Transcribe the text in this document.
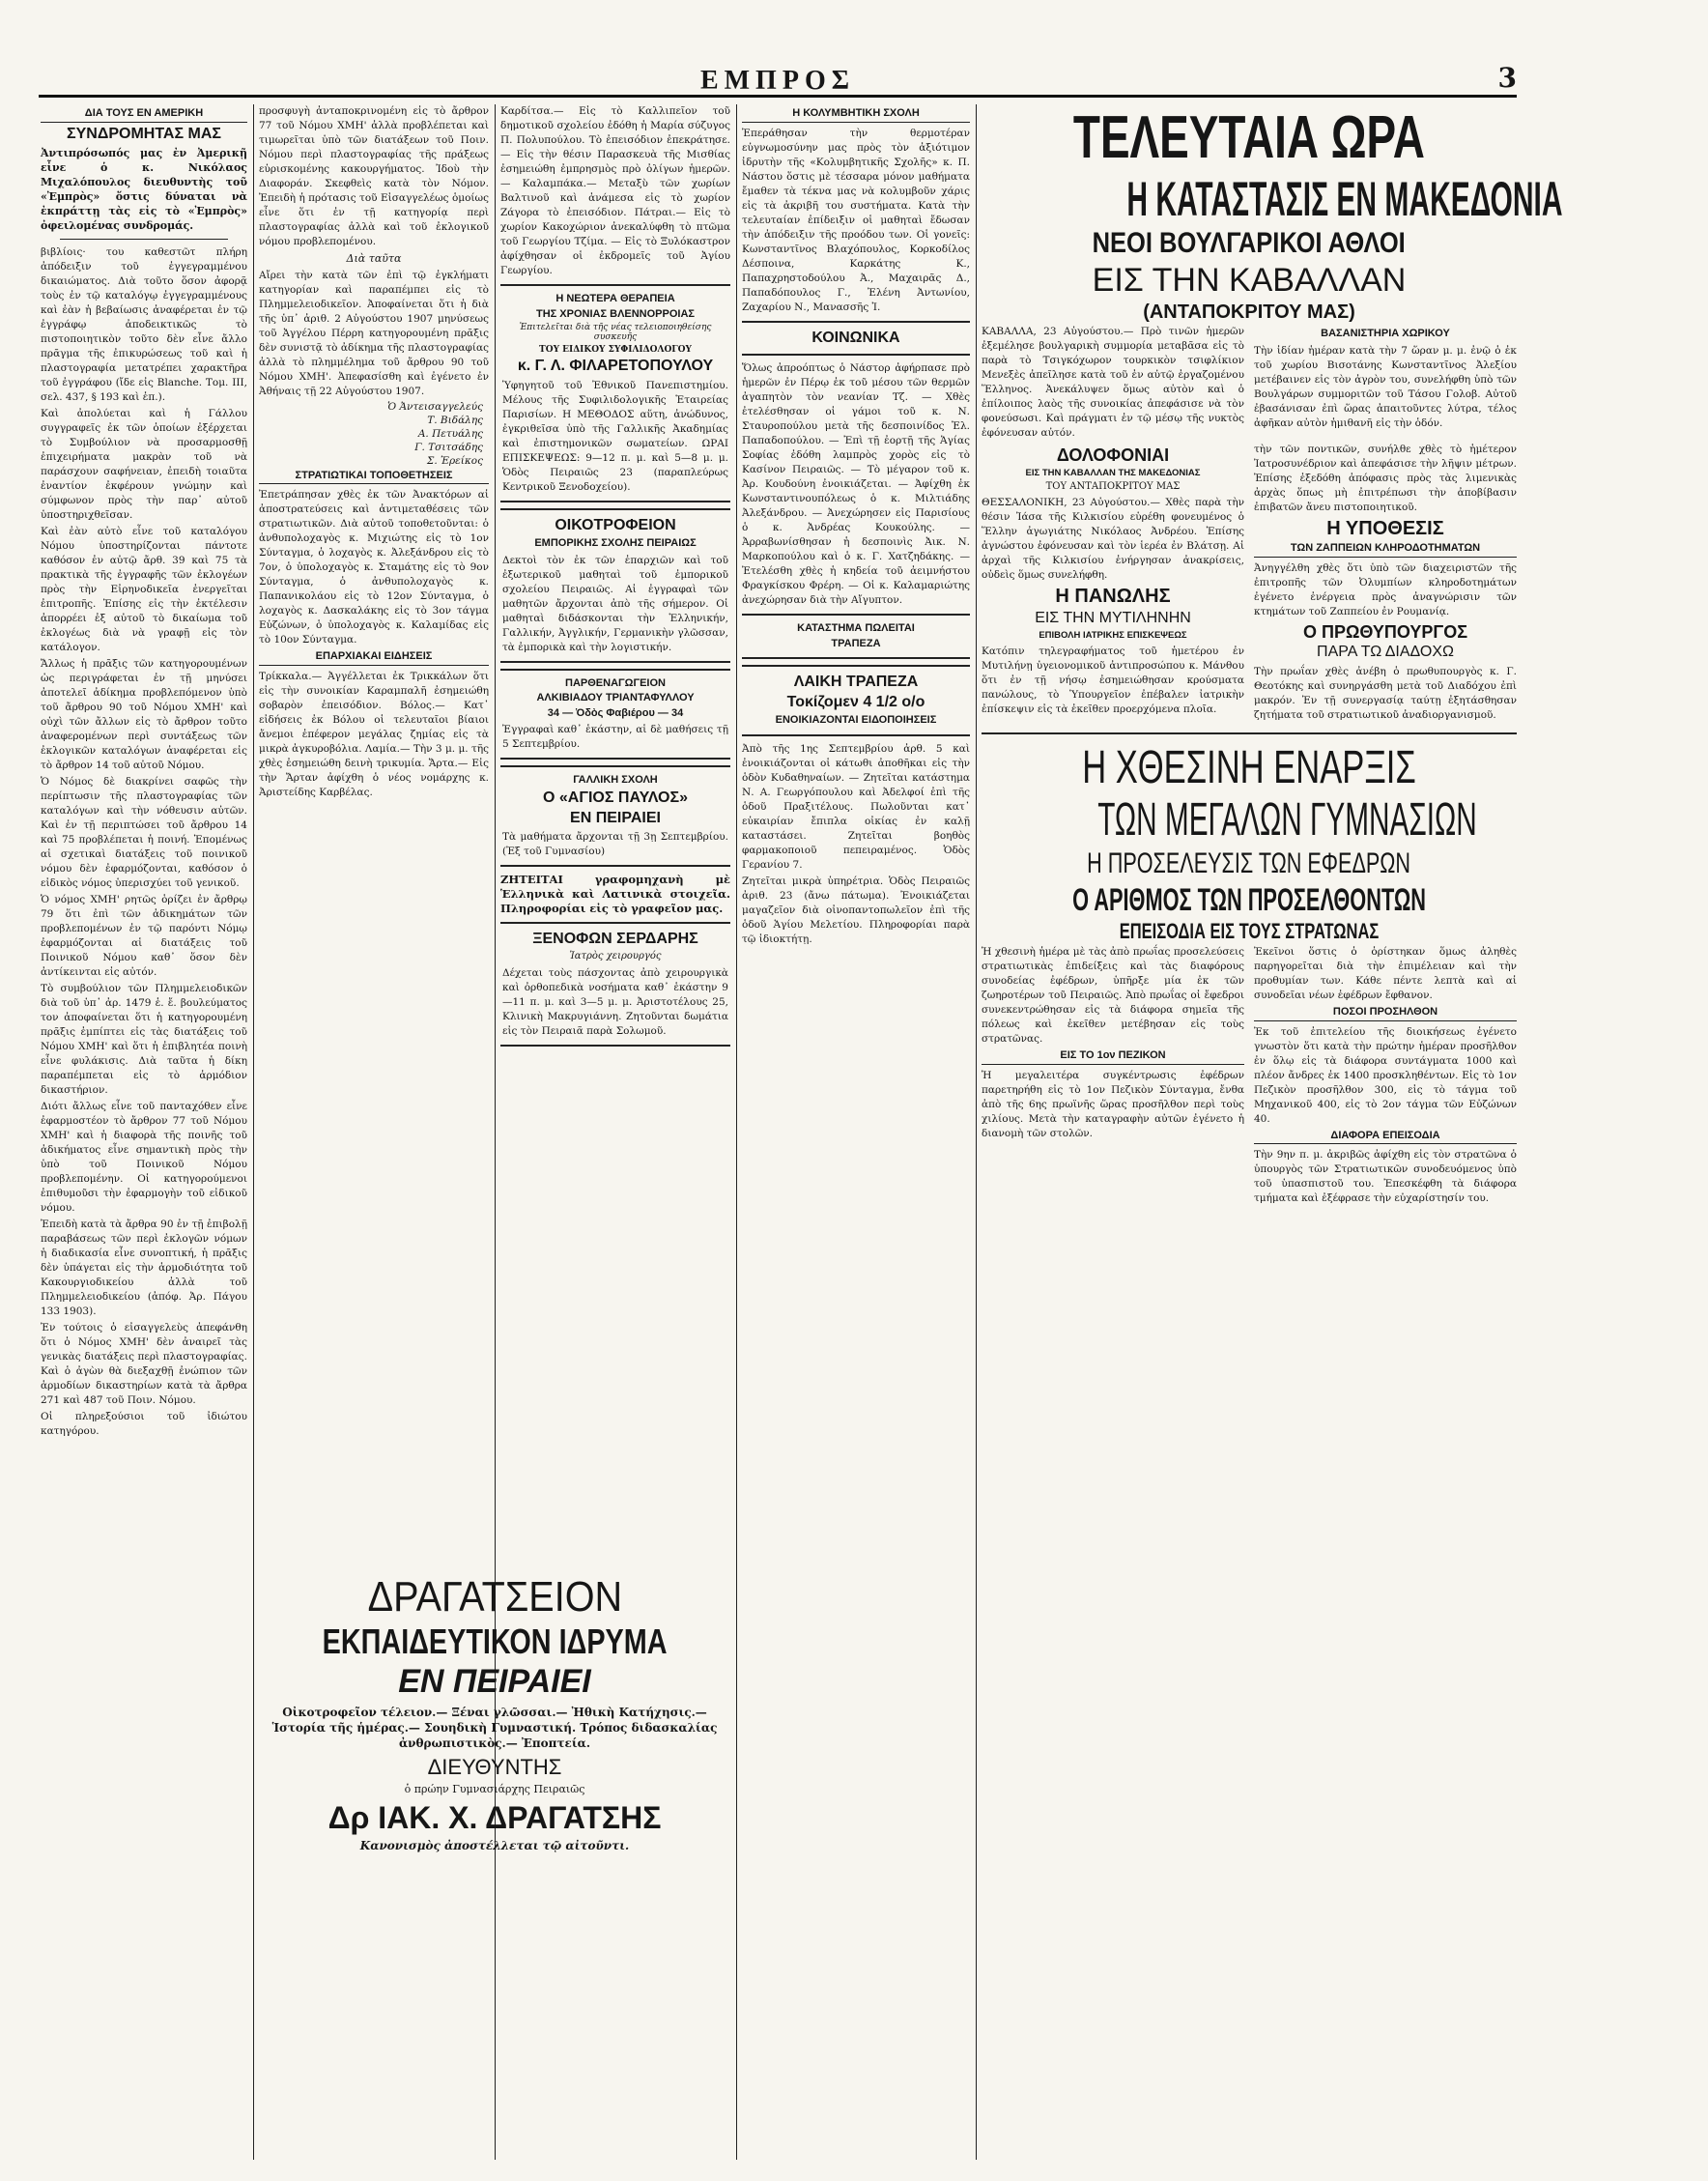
ΕΜΠΡΟΣ	3
ΔΙΑ ΤΟΥΣ ΕΝ ΑΜΕΡΙΚΗ
ΣΥΝΔΡΟΜΗΤΑΣ ΜΑΣ

Ἀντιπρόσωπός μας ἐν Ἀμερικῇ εἶνε ὁ κ. Νικόλαος Μιχαλόπουλος διευθυντὴς τοῦ «Ἐμπρὸς» ὅστις δύναται νὰ ἐκπράττῃ τὰς εἰς τὸ «Ἐμπρὸς» ὀφειλομένας συνδρομάς.

βιβλίοις· του καθεστῶτ πλήρη ἀπόδειξιν τοῦ ἐγγεγραμμένου δικαιώματος. Διὰ τοῦτο ὅσον ἀφορᾷ τοὺς ἐν τῷ καταλόγῳ ἐγγεγραμμένους καὶ ἐὰν ἡ βεβαίωσις ἀναφέρεται ἐν τῷ ἐγγράφῳ ἀποδεικτικῶς τὸ πιστοποιητικὸν τοῦτο δὲν εἶνε ἄλλο πρᾶγμα τῆς ἐπικυρώσεως τοῦ καὶ ἡ πλαστογραφία μετατρέπει χαρακτῆρα τοῦ ἐγγράφου (ἴδε εἰς Blanche. Tομ. III, σελ. 437, § 193 καὶ ἑπ.).

Καὶ ἀπολύεται καὶ ἡ Γάλλου συγγραφεῖς ἐκ τῶν ὁποίων ἐξέρχεται τὸ Συμβούλιον νὰ προσαρμοσθῇ ἐπιχειρήματα μακρὰν τοῦ νὰ παράσχουν σαφήνειαν, ἐπειδὴ τοιαῦτα ἐναντίον ἐκφέρουν γνώμην καὶ σύμφωνον πρὸς τὴν παρ᾿ αὐτοῦ ὑποστηριχθεῖσαν.

Καὶ ἐὰν αὐτὸ εἶνε τοῦ καταλόγου Νόμου ὑποστηρίζονται πάντοτε καθόσον ἐν αὐτῷ ἄρθ. 39 καὶ 75 τὰ πρακτικὰ τῆς ἐγγραφῆς τῶν ἐκλογέων πρὸς τὴν Εἰρηνοδικεῖα ἐνεργεῖται ἐπιτροπῆς. Ἐπίσης εἰς τὴν ἐκτέλεσιν ἀπορρέει ἐξ αὐτοῦ τὸ δικαίωμα τοῦ ἐκλογέως διὰ νὰ γραφῇ εἰς τὸν κατάλογον.

Ἄλλως ἡ πρᾶξις τῶν κατηγορουμένων ὡς περιγράφεται ἐν τῇ μηνύσει ἀποτελεῖ ἀδίκημα προβλεπόμενον ὑπὸ τοῦ ἄρθρου 90 τοῦ Νόμου ΧΜΗ' καὶ οὐχὶ τῶν ἄλλων εἰς τὸ ἄρθρον τοῦτο ἀναφερομένων περὶ συντάξεως τῶν ἐκλογικῶν καταλόγων ἀναφέρεται εἰς τὸ ἄρθρον 14 τοῦ αὐτοῦ Νόμου.

Ὁ Νόμος δὲ διακρίνει σαφῶς τὴν περίπτωσιν τῆς πλαστογραφίας τῶν καταλόγων καὶ τὴν νόθευσιν αὐτῶν. Καὶ ἐν τῇ περιπτώσει τοῦ ἄρθρου 14 καὶ 75 προβλέπεται ἡ ποινή. Ἐπομένως αἱ σχετικαὶ διατάξεις τοῦ ποινικοῦ νόμου δὲν ἐφαρμόζονται, καθόσον ὁ εἰδικὸς νόμος ὑπερισχύει τοῦ γενικοῦ.

Ὁ νόμος ΧΜΗ' ρητῶς ὁρίζει ἐν ἄρθρῳ 79 ὅτι ἐπὶ τῶν ἀδικημάτων τῶν προβλεπομένων ἐν τῷ παρόντι Νόμῳ ἐφαρμόζονται αἱ διατάξεις τοῦ Ποινικοῦ Νόμου καθ᾿ ὅσον δὲν ἀντίκεινται εἰς αὐτόν.

Τὸ συμβούλιον τῶν Πλημμελειοδικῶν διὰ τοῦ ὑπ᾿ ἀρ. 1479 ἑ. ἔ. βουλεύματος τον ἀποφαίνεται ὅτι ἡ κατηγορουμένη πρᾶξις ἐμπίπτει εἰς τὰς διατάξεις τοῦ Νόμου ΧΜΗ' καὶ ὅτι ἡ ἐπιβλητέα ποινὴ εἶνε φυλάκισις. Διὰ ταῦτα ἡ δίκη παραπέμπεται εἰς τὸ ἁρμόδιον δικαστήριον.

Διότι ἄλλως εἶνε τοῦ πανταχόθεν εἶνε ἐφαρμοστέον τὸ ἄρθρον 77 τοῦ Νόμου ΧΜΗ' καὶ ἡ διαφορὰ τῆς ποινῆς τοῦ ἀδικήματος εἶνε σημαντικὴ πρὸς τὴν ὑπὸ τοῦ Ποινικοῦ Νόμου προβλεπομένην. Οἱ κατηγορούμενοι ἐπιθυμοῦσι τὴν ἐφαρμογὴν τοῦ εἰδικοῦ νόμου.

Ἐπειδὴ κατὰ τὰ ἄρθρα 90 ἐν τῇ ἐπιβολῇ παραβάσεως τῶν περὶ ἐκλογῶν νόμων ἡ διαδικασία εἶνε συνοπτική, ἡ πρᾶξις δὲν ὑπάγεται εἰς τὴν ἁρμοδιότητα τοῦ Κακουργιοδικείου ἀλλὰ τοῦ Πλημμελειοδικείου (ἀπόφ. Ἀρ. Πάγου 133 1903).

Ἐν τούτοις ὁ εἰσαγγελεὺς ἀπεφάνθη ὅτι ὁ Νόμος ΧΜΗ' δὲν ἀναιρεῖ τὰς γενικὰς διατάξεις περὶ πλαστογραφίας. Καὶ ὁ ἀγὼν θὰ διεξαχθῇ ἐνώπιον τῶν ἁρμοδίων δικαστηρίων κατὰ τὰ ἄρθρα 271 καὶ 487 τοῦ Ποιν. Νόμου.

Οἱ πληρεξούσιοι τοῦ ἰδιώτου κατηγόρου.

προσφυγὴ ἀνταποκρινομένη εἰς τὸ ἄρθρον 77 τοῦ Νόμου ΧΜΗ' ἀλλὰ προβλέπεται καὶ τιμωρεῖται ὑπὸ τῶν διατάξεων τοῦ Ποιν. Νόμου περὶ πλαστογραφίας τῆς πράξεως εὑρισκομένης κακουργήματος. Ἰδοὺ τὴν Διαφοράν. Σκεφθεὶς κατὰ τὸν Νόμον. Ἐπειδὴ ἡ πρότασις τοῦ Εἰσαγγελέως ὁμοίως εἶνε ὅτι ἐν τῇ κατηγορίᾳ περὶ πλαστογραφίας ἀλλὰ καὶ τοῦ ἐκλογικοῦ νόμου προβλεπομένου.

Διὰ ταῦτα

Αἴρει τὴν κατὰ τῶν ἐπὶ τῷ ἐγκλήματι κατηγορίαν καὶ παραπέμπει εἰς τὸ Πλημμελειοδικεῖον. Ἀποφαίνεται ὅτι ἡ διὰ τῆς ὑπ᾿ ἀριθ. 2 Αὐγούστου 1907 μηνύσεως τοῦ Ἀγγέλου Πέρρη κατηγορουμένη πρᾶξις δὲν συνιστᾷ τὸ ἀδίκημα τῆς πλαστογραφίας ἀλλὰ τὸ πλημμέλημα τοῦ ἄρθρου 90 τοῦ Νόμου ΧΜΗ'. Ἀπεφασίσθη καὶ ἐγένετο ἐν Ἀθήναις τῇ 22 Αὐγούστου 1907.

Ὁ Ἀντεισαγγελεύς
Τ. Βιδάλης
Α. Πετυάλης
Γ. Τσιτσάδης
Σ. Ἐρείκος
ΣΤΡΑΤΙΩΤΙΚΑΙ ΤΟΠΟΘΕΤΗΣΕΙΣ

Ἐπετράπησαν χθὲς ἐκ τῶν Ἀνακτόρων αἱ ἀποστρατεύσεις καὶ ἀντιμεταθέσεις τῶν στρατιωτικῶν. Διὰ αὐτοῦ τοποθετοῦνται: ὁ ἀνθυπολοχαγὸς κ. Μιχιώτης εἰς τὸ 1ον Σύνταγμα, ὁ λοχαγὸς κ. Ἀλεξάνδρου εἰς τὸ 7ον, ὁ ὑπολοχαγὸς κ. Σταμάτης εἰς τὸ 9ον Σύνταγμα, ὁ ἀνθυπολοχαγὸς κ. Παπανικολάου εἰς τὸ 12ον Σύνταγμα, ὁ λοχαγὸς κ. Δασκαλάκης εἰς τὸ 3ον τάγμα Εὐζώνων, ὁ ὑπολοχαγὸς κ. Καλαμίδας εἰς τὸ 10ον Σύνταγμα.

ΕΠΑΡΧΙΑΚΑΙ ΕΙΔΗΣΕΙΣ

Τρίκκαλα.— Ἀγγέλλεται ἐκ Τρικκάλων ὅτι εἰς τὴν συνοικίαν Καραμπαλῆ ἐσημειώθη σοβαρὸν ἐπεισόδιον. Βόλος.— Κατ᾿ εἰδήσεις ἐκ Βόλου οἱ τελευταῖοι βίαιοι ἄνεμοι ἐπέφερον μεγάλας ζημίας εἰς τὰ μικρὰ ἀγκυροβόλια. Λαμία.— Τὴν 3 μ. μ. τῆς χθὲς ἐσημειώθη δεινὴ τρικυμία. Ἄρτα.— Εἰς τὴν Ἄρταν ἀφίχθη ὁ νέος νομάρχης κ. Ἀριστείδης Καρβέλας.

Καρδίτσα.— Εἰς τὸ Καλλιπεῖον τοῦ δημοτικοῦ σχολείου ἐδόθη ἡ Μαρία σύζυγος Π. Πολυπούλου. Τὸ ἐπεισόδιον ἐπεκράτησε. — Εἰς τὴν θέσιν Παρασκευὰ τῆς Μισθίας ἐσημειώθη ἐμπρησμὸς πρὸ ὀλίγων ἡμερῶν. — Καλαμπάκα.— Μεταξὺ τῶν χωρίων Βαλτινοῦ καὶ ἀνάμεσα εἰς τὸ χωρίον Ζάγορα τὸ ἐπεισόδιον. Πάτραι.— Εἰς τὸ χωρίον Κακοχώριον ἀνεκαλύφθη τὸ πτῶμα τοῦ Γεωργίου Τζίμα. — Εἰς τὸ Ξυλόκαστρον ἀφίχθησαν οἱ ἐκδρομεῖς τοῦ Ἀγίου Γεωργίου.

Η ΝΕΩΤΕΡΑ ΘΕΡΑΠΕΙΑ
ΤΗΣ ΧΡΟΝΙΑΣ ΒΛΕΝΝΟΡΡΟΙΑΣ
Ἐπιτελεῖται διὰ τῆς νέας τελειοποιηθείσης συσκευῆς
ΤΟΥ ΕΙΔΙΚΟΥ ΣΥΦΙΛΙΔΟΛΟΓΟΥ
κ. Γ. Λ. ΦΙΛΑΡΕΤΟΠΟΥΛΟΥ

Ὑφηγητοῦ τοῦ Ἐθνικοῦ Πανεπιστημίου. Μέλους τῆς Συφιλιδολογικῆς Ἑταιρείας Παρισίων. Η ΜΕΘΟΔΟΣ αὕτη, ἀνώδυνος, ἐγκριθεῖσα ὑπὸ τῆς Γαλλικῆς Ἀκαδημίας καὶ ἐπιστημονικῶν σωματείων. ΩΡΑΙ ΕΠΙΣΚΕΨΕΩΣ: 9—12 π. μ. καὶ 5—8 μ. μ. Ὁδὸς Πειραιῶς 23 (παραπλεύρως Κεντρικοῦ Ξενοδοχείου).

ΟΙΚΟΤΡΟΦΕΙΟΝ
ΕΜΠΟΡΙΚΗΣ ΣΧΟΛΗΣ ΠΕΙΡΑΙΩΣ

Δεκτοὶ τὸν ἐκ τῶν ἐπαρχιῶν καὶ τοῦ ἐξωτερικοῦ μαθηταὶ τοῦ ἐμπορικοῦ σχολείου Πειραιῶς. Αἱ ἐγγραφαὶ τῶν μαθητῶν ἄρχονται ἀπὸ τῆς σήμερον. Οἱ μαθηταὶ διδάσκονται τὴν Ἑλληνικήν, Γαλλικήν, Ἀγγλικήν, Γερμανικὴν γλῶσσαν, τὰ ἐμπορικὰ καὶ τὴν λογιστικήν.

ΠΑΡΘΕΝΑΓΩΓΕΙΟΝ
ΑΛΚΙΒΙΑΔΟΥ ΤΡΙΑΝΤΑΦΥΛΛΟΥ
34 — Ὁδὸς Φαβιέρου — 34

Ἐγγραφαὶ καθ᾿ ἑκάστην, αἱ δὲ μαθήσεις τῇ 5 Σεπτεμβρίου.

ΓΑΛΛΙΚΗ ΣΧΟΛΗ
Ο «ΑΓΙΟΣ ΠΑΥΛΟΣ»
ΕΝ ΠΕΙΡΑΙΕΙ

Τὰ μαθήματα ἄρχονται τῇ 3ῃ Σεπτεμβρίου. (Ἐξ τοῦ Γυμνασίου)

ΖΗΤΕΙΤΑΙ γραφομηχανὴ μὲ Ἑλληνικὰ καὶ Λατινικὰ στοιχεῖα. Πληροφορίαι εἰς τὸ γραφεῖον μας.

ΞΕΝΟΦΩΝ ΣΕΡΔΑΡΗΣ
Ἰατρὸς χειρουργός

Δέχεται τοὺς πάσχοντας ἀπὸ χειρουργικὰ καὶ ὀρθοπεδικὰ νοσήματα καθ᾿ ἑκάστην 9—11 π. μ. καὶ 3—5 μ. μ. Ἀριστοτέλους 25, Κλινικὴ Μακρυγιάννη. Ζητοῦνται δωμάτια εἰς τὸν Πειραιᾶ παρὰ Σολωμοῦ.

ΔΡΑΓΑΤΣΕΙΟΝ
ΕΚΠΑΙΔΕΥΤΙΚΟΝ ΙΔΡΥΜΑ
ΕΝ ΠΕΙΡΑΙΕΙ

Οἰκοτροφεῖον τέλειον.— Ξέναι γλῶσσαι.— Ἠθικὴ Κατήχησις.— Ἱστορία τῆς ἡμέρας.— Σουηδικὴ Γυμναστική. Τρόπος διδασκαλίας ἀνθρωπιστικὸς.— Ἐποπτεία.

ΔΙΕΥΘΥΝΤΗΣ
ὁ πρώην Γυμνασιάρχης Πειραιῶς
Δρ ΙΑΚ. Χ. ΔΡΑΓΑΤΣΗΣ
Κανονισμὸς ἀποστέλλεται τῷ αἰτοῦντι.
Η ΚΟΛΥΜΒΗΤΙΚΗ ΣΧΟΛΗ

Ἐπεράθησαν τὴν θερμοτέραν εὐγνωμοσύνην μας πρὸς τὸν ἀξιότιμον ἰδρυτὴν τῆς «Κολυμβητικῆς Σχολῆς» κ. Π. Νάστου ὅστις μὲ τέσσαρα μόνον μαθήματα ἔμαθεν τὰ τέκνα μας νὰ κολυμβοῦν χάρις εἰς τὰ ἀκριβῆ του συστήματα. Κατὰ τὴν τελευταίαν ἐπίδειξιν οἱ μαθηταὶ ἔδωσαν τὴν ἀπόδειξιν τῆς προόδου των. Οἱ γονεῖς: Κωνσταντῖνος Βλαχόπουλος, Κορκοδίλος Δέσποινα, Καρκάτης Κ., Παπαχρηστοδούλου Ἀ., Μαχαιρᾶς Δ., Παπαδόπουλος Γ., Ἐλένη Ἀντωνίου, Ζαχαρίου Ν., Μανασσῆς Ἰ.

ΚΟΙΝΩΝΙΚΑ

Ὅλως ἀπροόπτως ὁ Νάστορ ἀφήρπασε πρὸ ἡμερῶν ἐν Πέρῳ ἐκ τοῦ μέσου τῶν θερμῶν ἀγαπητὸν τὸν νεανίαν Τζ. — Χθὲς ἐτελέσθησαν οἱ γάμοι τοῦ κ. Ν. Σταυροπούλου μετὰ τῆς δεσποινίδος Ἑλ. Παπαδοπούλου. — Ἐπὶ τῇ ἐορτῇ τῆς Ἁγίας Σοφίας ἐδόθη λαμπρὸς χορὸς εἰς τὸ Κασίνον Πειραιῶς. — Τὸ μέγαρον τοῦ κ. Ἀρ. Κουδούνη ἐνοικιάζεται. — Ἀφίχθη ἐκ Κωνσταντινουπόλεως ὁ κ. Μιλτιάδης Ἀλεξάνδρου. — Ἀνεχώρησεν εἰς Παρισίους ὁ κ. Ἀνδρέας Κουκούλης. — Ἀρραβωνίσθησαν ἡ δεσποινὶς Ἀικ. Ν. Μαρκοπούλου καὶ ὁ κ. Γ. Χατζηδάκης. — Ἐτελέσθη χθὲς ἡ κηδεία τοῦ ἀειμνήστου Φραγκίσκου Φρέρη. — Οἱ κ. Καλαμαριώτης ἀνεχώρησαν διὰ τὴν Αἴγυπτον.

ΚΑΤΑΣΤΗΜΑ ΠΩΛΕΙΤΑΙ
ΤΡΑΠΕΖΑ
ΛΑΙΚΗ ΤΡΑΠΕΖΑ
Τοκίζομεν 4 1/2 ο/ο
ΕΝΟΙΚΙΑΖΟΝΤΑΙ ΕΙΔΟΠΟΙΗΣΕΙΣ

Ἀπὸ τῆς 1ης Σεπτεμβρίου ἀρθ. 5 καὶ ἐνοικιάζονται οἱ κάτωθι ἀποθῆκαι εἰς τὴν ὁδὸν Κυδαθηναίων. — Ζητεῖται κατάστημα Ν. Α. Γεωργόπουλου καὶ Ἀδελφοί ἐπὶ τῆς ὁδοῦ Πραξιτέλους. Πωλοῦνται κατ᾿ εὐκαιρίαν ἔπιπλα οἰκίας ἐν καλῇ καταστάσει. Ζητεῖται βοηθὸς φαρμακοποιοῦ πεπειραμένος. Ὁδὸς Γερανίου 7.

Ζητεῖται μικρὰ ὑπηρέτρια. Ὁδὸς Πειραιῶς ἀριθ. 23 (ἄνω πάτωμα). Ἐνοικιάζεται μαγαζεῖον διὰ οἰνοπαντοπωλεῖον ἐπὶ τῆς ὁδοῦ Ἁγίου Μελετίου. Πληροφορίαι παρὰ τῷ ἰδιοκτήτῃ.

ΤΕΛΕΥΤΑΙΑ ΩΡΑ
Η ΚΑΤΑΣΤΑΣΙΣ ΕΝ ΜΑΚΕΔΟΝΙΑ
ΝΕΟΙ ΒΟΥΛΓΑΡΙΚΟΙ ΑΘΛΟΙ
ΕΙΣ ΤΗΝ ΚΑΒΑΛΛΑΝ
(ΑΝΤΑΠΟΚΡΙΤΟΥ ΜΑΣ)

ΚΑΒΑΛΛΑ, 23 Αὐγούστου.— Πρὸ τινῶν ἡμερῶν ἐξεμέλησε βουλγαρικὴ συμμορία μεταβᾶσα εἰς τὸ παρὰ τὸ Τσιγκόχωρον τουρκικὸν τσιφλίκιον Μενεξὲς ἀπεῖλησε κατὰ τοῦ ἐν αὐτῷ ἐργαζομένου Ἕλληνος. Ἀνεκάλυψεν ὅμως αὐτὸν καὶ ὁ ἐπίλοιπος λαὸς τῆς συνοικίας ἀπεφάσισε νὰ τὸν φονεύσωσι. Καὶ πράγματι ἐν τῷ μέσῳ τῆς νυκτὸς ἐφόνευσαν αὐτόν.

ΒΑΣΑΝΙΣΤΗΡΙΑ ΧΩΡΙΚΟΥ

Τὴν ἰδίαν ἡμέραν κατὰ τὴν 7 ὥραν μ. μ. ἐνῷ ὁ ἐκ τοῦ χωρίου Βισοτάνης Κωνσταντῖνος Ἀλεξίου μετέβαινεν εἰς τὸν ἀγρὸν του, συνελήφθη ὑπὸ τῶν Βουλγάρων συμμοριτῶν τοῦ Τάσου Γολοβ. Αὐτοῦ ἐβασάνισαν ἐπὶ ὥρας ἀπαιτοῦντες λύτρα, τέλος ἀφῆκαν αὐτὸν ἡμιθανῆ εἰς τὴν ὁδόν.

ΔΟΛΟΦΟΝΙΑΙ
ΕΙΣ ΤΗΝ ΚΑΒΑΛΛΑΝ ΤΗΣ ΜΑΚΕΔΟΝΙΑΣ
ΤΟΥ ΑΝΤΑΠΟΚΡΙΤΟΥ ΜΑΣ

ΘΕΣΣΑΛΟΝΙΚΗ, 23 Αὐγούστου.— Χθὲς παρὰ τὴν θέσιν Ἰάσα τῆς Κιλκισίου εὑρέθη φονευμένος ὁ Ἕλλην ἀγωγιάτης Νικόλαος Ἀνδρέου. Ἐπίσης ἀγνώστου ἐφόνευσαν καὶ τὸν ἱερέα ἐν Βλάτσῃ. Αἱ ἀρχαὶ τῆς Κιλκισίου ἐνήργησαν ἀνακρίσεις, οὐδεὶς ὅμως συνελήφθη.

Η ΠΑΝΩΛΗΣ
ΕΙΣ ΤΗΝ ΜΥΤΙΛΗΝΗΝ
ΕΠΙΒΟΛΗ ΙΑΤΡΙΚΗΣ ΕΠΙΣΚΕΨΕΩΣ

Κατόπιν τηλεγραφήματος τοῦ ἡμετέρου ἐν Μυτιλήνῃ ὑγειονομικοῦ ἀντιπροσώπου κ. Μάνθου ὅτι ἐν τῇ νήσῳ ἐσημειώθησαν κρούσματα πανώλους, τὸ Ὑπουργεῖον ἐπέβαλεν ἰατρικὴν ἐπίσκεψιν εἰς τὰ ἐκεῖθεν προερχόμενα πλοῖα.

τὴν τῶν ποντικῶν, συνήλθε χθὲς τὸ ἡμέτερον Ἰατροσυνέδριον καὶ ἀπεφάσισε τὴν λῆψιν μέτρων. Ἐπίσης ἐξεδόθη ἀπόφασις πρὸς τὰς λιμενικὰς ἀρχὰς ὅπως μὴ ἐπιτρέπωσι τὴν ἀποβίβασιν ἐπιβατῶν ἄνευ πιστοποιητικοῦ.

Η ΥΠΟΘΕΣΙΣ
ΤΩΝ ΖΑΠΠΕΙΩΝ ΚΛΗΡΟΔΟΤΗΜΑΤΩΝ

Ἀνηγγέλθη χθὲς ὅτι ὑπὸ τῶν διαχειριστῶν τῆς ἐπιτροπῆς τῶν Ὀλυμπίων κληροδοτημάτων ἐγένετο ἐνέργεια πρὸς ἀναγνώρισιν τῶν κτημάτων τοῦ Ζαππείου ἐν Ρουμανίᾳ.

Ο ΠΡΩΘΥΠΟΥΡΓΟΣ
ΠΑΡΑ ΤΩ ΔΙΑΔΟΧΩ

Τὴν πρωΐαν χθὲς ἀνέβη ὁ πρωθυπουργὸς κ. Γ. Θεοτόκης καὶ συνηργάσθη μετὰ τοῦ Διαδόχου ἐπὶ μακρόν. Ἐν τῇ συνεργασίᾳ ταύτῃ ἐξητάσθησαν ζητήματα τοῦ στρατιωτικοῦ ἀναδιοργανισμοῦ.

Η ΧΘΕΣΙΝΗ ΕΝΑΡΞΙΣ
ΤΩΝ ΜΕΓΑΛΩΝ ΓΥΜΝΑΣΙΩΝ
Η ΠΡΟΣΕΛΕΥΣΙΣ ΤΩΝ ΕΦΕΔΡΩΝ
Ο ΑΡΙΘΜΟΣ ΤΩΝ ΠΡΟΣΕΛΘΟΝΤΩΝ
ΕΠΕΙΣΟΔΙΑ ΕΙΣ ΤΟΥΣ ΣΤΡΑΤΩΝΑΣ

Ἡ χθεσινὴ ἡμέρα μὲ τὰς ἀπὸ πρωΐας προσελεύσεις στρατιωτικὰς ἐπιδείξεις καὶ τὰς διαφόρους συνοδείας ἐφέδρων, ὑπῆρξε μία ἐκ τῶν ζωηροτέρων τοῦ Πειραιῶς. Ἀπὸ πρωΐας οἱ ἔφεδροι συνεκεντρώθησαν εἰς τὰ διάφορα σημεῖα τῆς πόλεως καὶ ἐκεῖθεν μετέβησαν εἰς τοὺς στρατῶνας.

ΕΙΣ ΤΟ 1ον ΠΕΖΙΚΟΝ

Ἡ μεγαλειτέρα συγκέντρωσις ἐφέδρων παρετηρήθη εἰς τὸ 1ον Πεζικὸν Σύνταγμα, ἔνθα ἀπὸ τῆς 6ης πρωϊνῆς ὥρας προσῆλθον περὶ τοὺς χιλίους. Μετὰ τὴν καταγραφὴν αὐτῶν ἐγένετο ἡ διανομὴ τῶν στολῶν.

Ἐκεῖνοι ὅστις ὁ ὁρίστηκαν ὅμως ἀληθὲς παρηγορεῖται διὰ τὴν ἐπιμέλειαν καὶ τὴν προθυμίαν των. Κάθε πέντε λεπτὰ καὶ αἱ συνοδεῖαι νέων ἐφέδρων ἔφθανον.

ΠΟΣΟΙ ΠΡΟΣΗΛΘΟΝ

Ἐκ τοῦ ἐπιτελείου τῆς διοικήσεως ἐγένετο γνωστὸν ὅτι κατὰ τὴν πρώτην ἡμέραν προσῆλθον ἐν ὅλῳ εἰς τὰ διάφορα συντάγματα 1000 καὶ πλέον ἄνδρες ἐκ 1400 προσκληθέντων. Εἰς τὸ 1ον Πεζικὸν προσῆλθον 300, εἰς τὸ τάγμα τοῦ Μηχανικοῦ 400, εἰς τὸ 2ον τάγμα τῶν Εὐζώνων 40.

ΔΙΑΦΟΡΑ ΕΠΕΙΣΟΔΙΑ

Τὴν 9ην π. μ. ἀκριβῶς ἀφίχθη εἰς τὸν στρατῶνα ὁ ὑπουργὸς τῶν Στρατιωτικῶν συνοδευόμενος ὑπὸ τοῦ ὑπασπιστοῦ του. Ἐπεσκέφθη τὰ διάφορα τμήματα καὶ ἐξέφρασε τὴν εὐχαρίστησίν του.
